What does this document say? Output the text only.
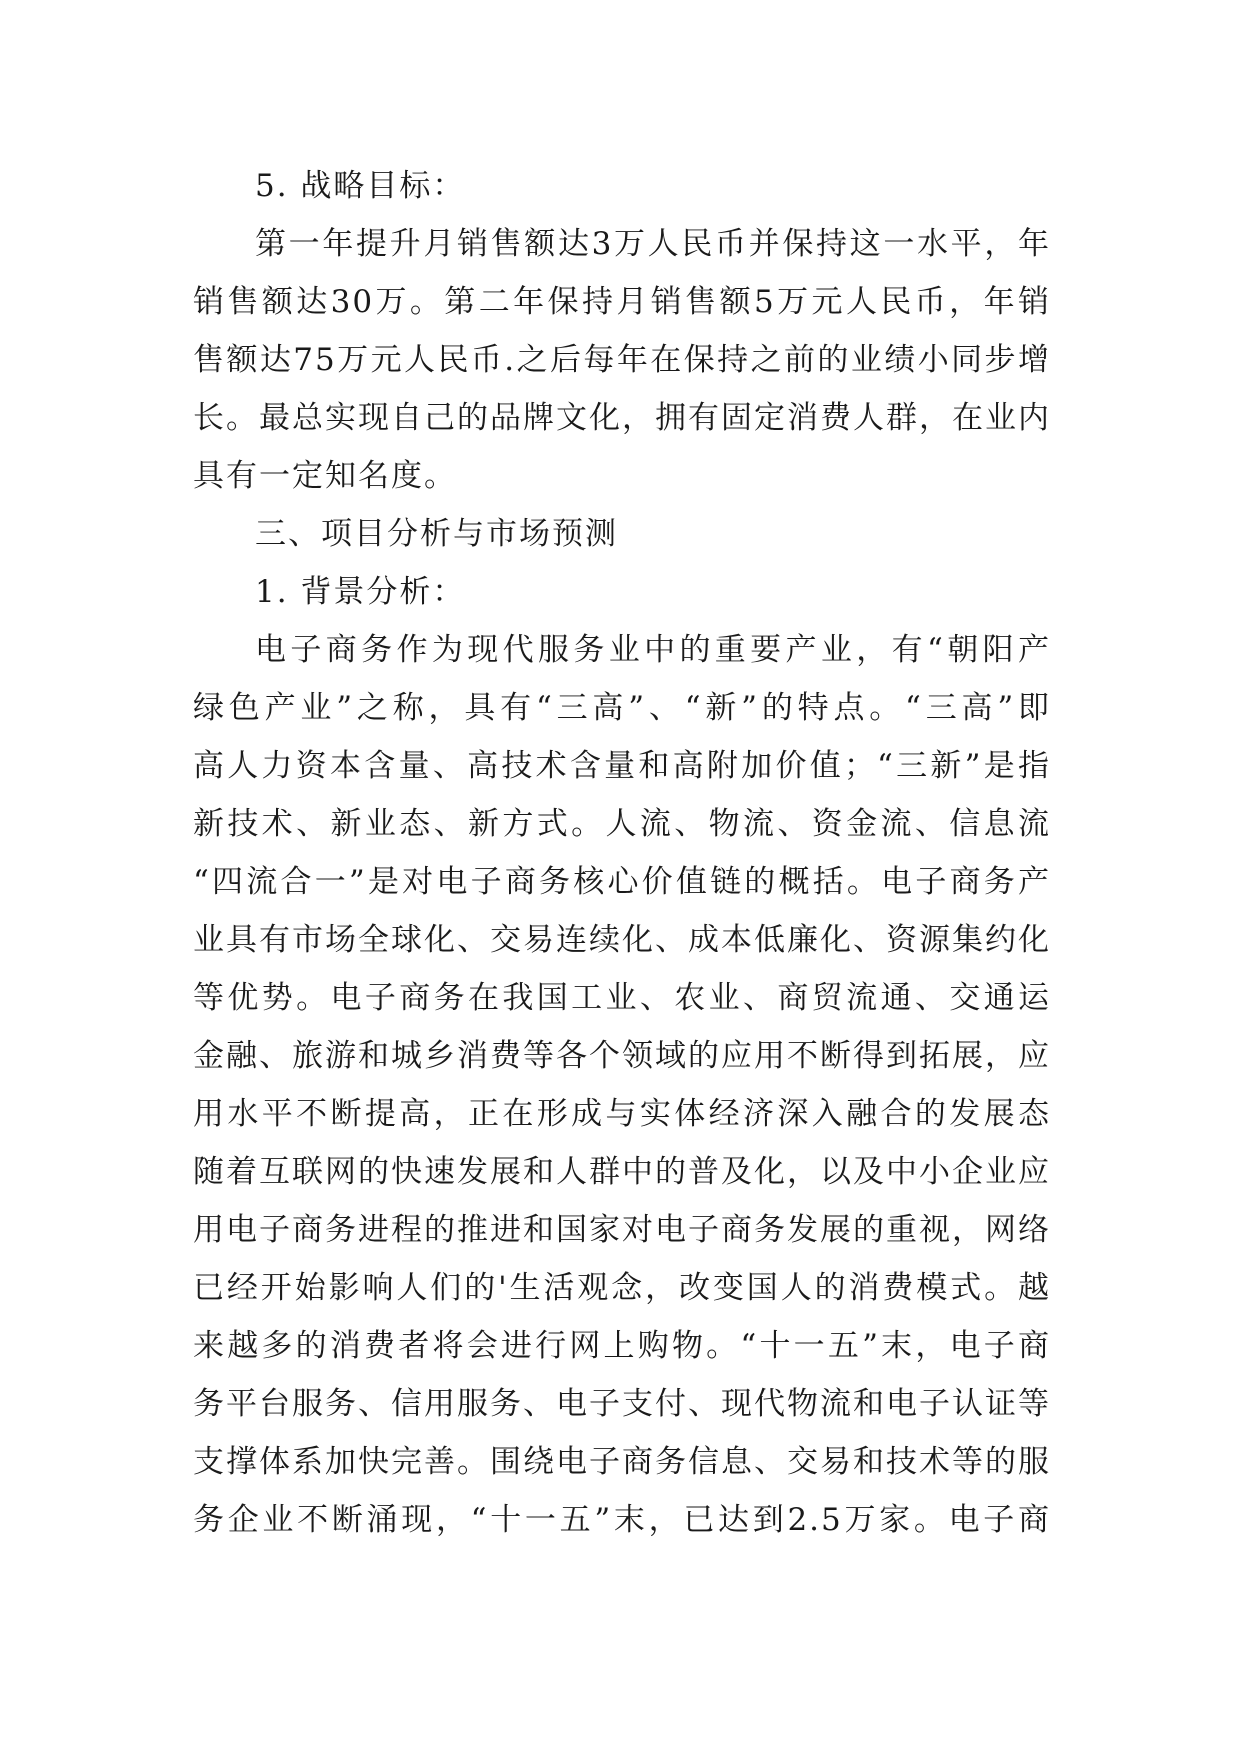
5. 战略目标：
第一年提升月销售额达3万人民币并保持这一水平，年
销售额达30万。第二年保持月销售额5万元人民币，年销
售额达75万元人民币.之后每年在保持之前的业绩小同步增
长。最总实现自己的品牌文化，拥有固定消费人群，在业内
具有一定知名度。
三、项目分析与市场预测
1. 背景分析：
电子商务作为现代服务业中的重要产业，有“朝阳产
绿色产业”之称，具有“三高”、“新”的特点。“三高”即
高人力资本含量、高技术含量和高附加价值；“三新”是指
新技术、新业态、新方式。人流、物流、资金流、信息流
“四流合一”是对电子商务核心价值链的概括。电子商务产
业具有市场全球化、交易连续化、成本低廉化、资源集约化
等优势。电子商务在我国工业、农业、商贸流通、交通运
金融、旅游和城乡消费等各个领域的应用不断得到拓展，应
用水平不断提高，正在形成与实体经济深入融合的发展态
随着互联网的快速发展和人群中的普及化，以及中小企业应
用电子商务进程的推进和国家对电子商务发展的重视，网络
已经开始影响人们的'生活观念，改变国人的消费模式。越
来越多的消费者将会进行网上购物。“十一五”末，电子商
务平台服务、信用服务、电子支付、现代物流和电子认证等
支撑体系加快完善。围绕电子商务信息、交易和技术等的服
务企业不断涌现，“十一五”末，已达到2.5万家。电子商
